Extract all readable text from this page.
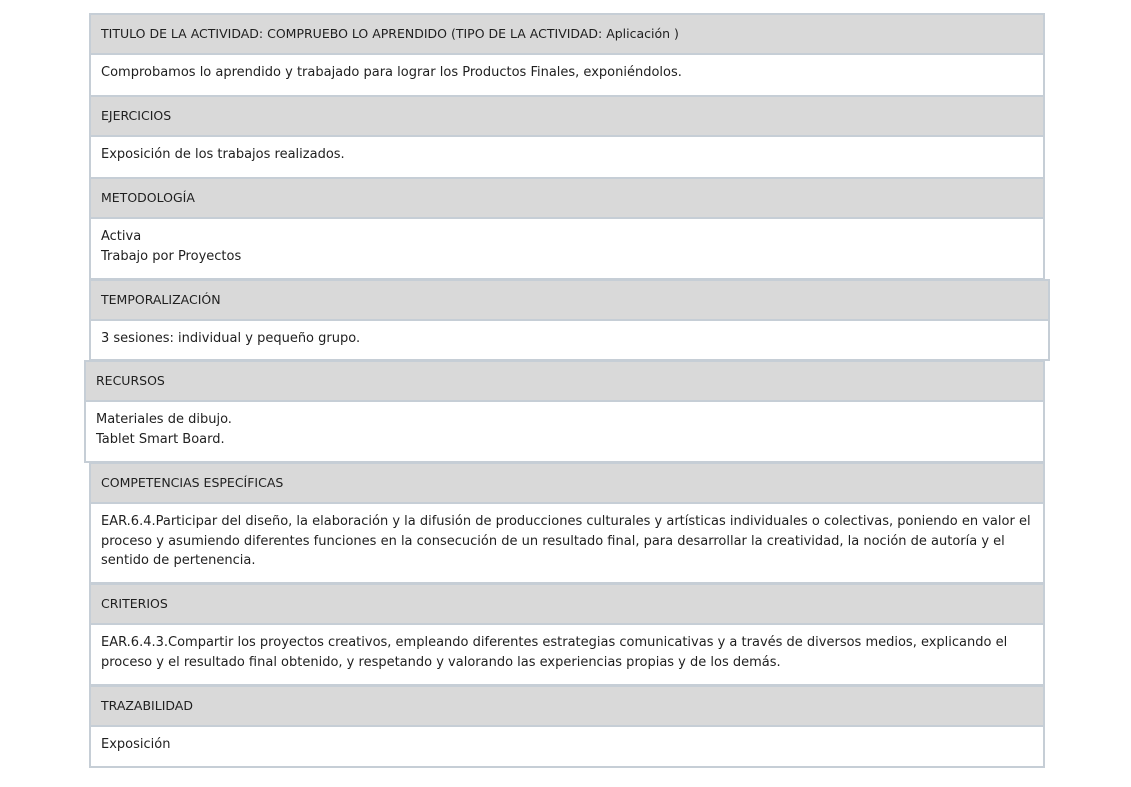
TITULO DE LA ACTIVIDAD: COMPRUEBO LO APRENDIDO (TIPO DE LA ACTIVIDAD: Aplicación )
Comprobamos lo aprendido y trabajado para lograr los Productos Finales, exponiéndolos.
EJERCICIOS
Exposición de los trabajos realizados.
METODOLOGÍA
Activa
Trabajo por Proyectos
TEMPORALIZACIÓN
3 sesiones: individual y pequeño grupo.
RECURSOS
Materiales de dibujo.
Tablet Smart Board.
COMPETENCIAS ESPECÍFICAS
EAR.6.4.Participar del diseño, la elaboración y la difusión de producciones culturales y artísticas individuales o colectivas, poniendo en valor el proceso y asumiendo diferentes funciones en la consecución de un resultado final, para desarrollar la creatividad, la noción de autoría y el sentido de pertenencia.
CRITERIOS
EAR.6.4.3.Compartir los proyectos creativos, empleando diferentes estrategias comunicativas y a través de diversos medios, explicando el proceso y el resultado final obtenido, y respetando y valorando las experiencias propias y de los demás.
TRAZABILIDAD
Exposición
